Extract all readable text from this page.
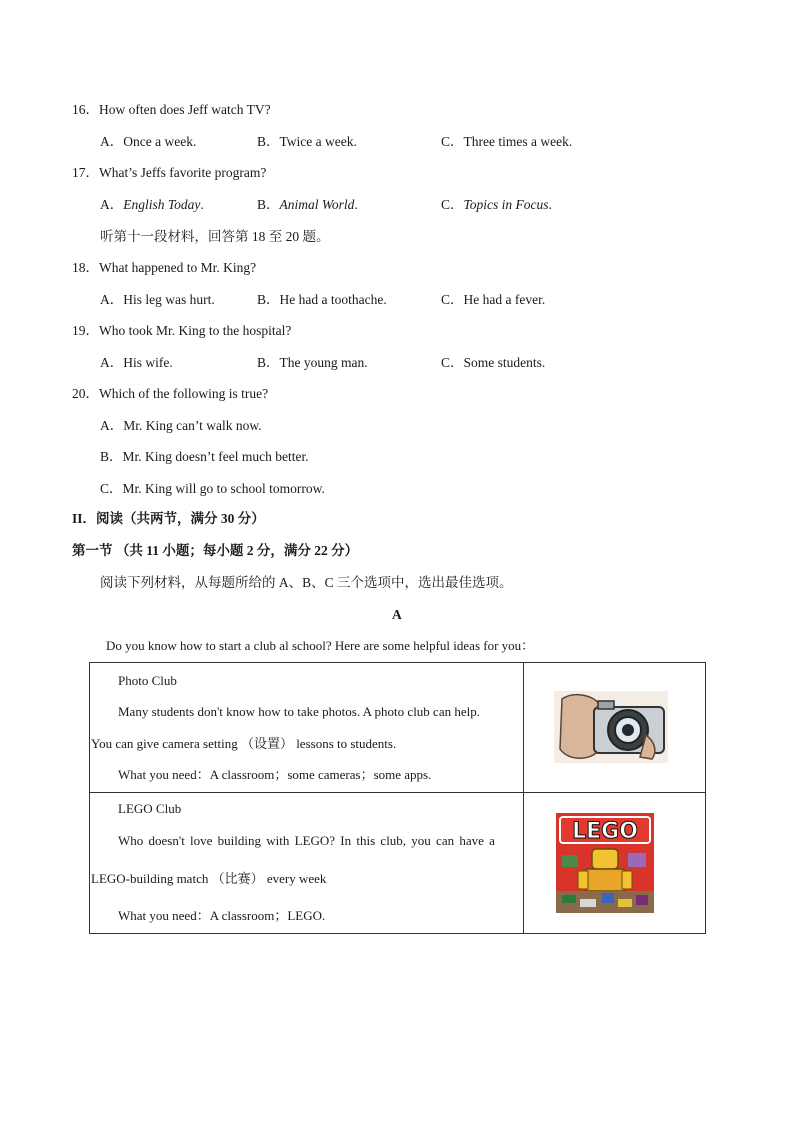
16．How often does Jeff watch TV?
A．Once a week.	B．Twice a week.	C．Three times a week.
17．What’s Jeffs favorite program?
A．English Today.	B．Animal World.	C．Topics in Focus.
听第十一段材料，回答第 18 至 20 题。
18．What happened to Mr. King?
A．His leg was hurt.	B．He had a toothache.	C．He had a fever.
19．Who took Mr. King to the hospital?
A．His wife.	B．The young man.	C．Some students.
20．Which of the following is true?
A．Mr. King can’t walk now.
B．Mr. King doesn’t feel much better.
C．Mr. King will go to school tomorrow.
II．阅读（共两节，满分 30 分）
第一节 （共 11 小题；每小题 2 分，满分 22 分）
阅读下列材料，从每题所给的 A、B、C 三个选项中，选出最佳选项。
A
Do you know how to start a club al school? Here are some helpful ideas for you：
Photo Club
Many students don't know how to take photos. A photo club can help.
You can give camera setting （设置） lessons to students.
What you need：A classroom；some cameras；some apps.

LEGO Club
Who doesn't love building with LEGO? In this club, you can have a
LEGO-building match （比赛） every week
What you need：A classroom；LEGO.	LEGO
